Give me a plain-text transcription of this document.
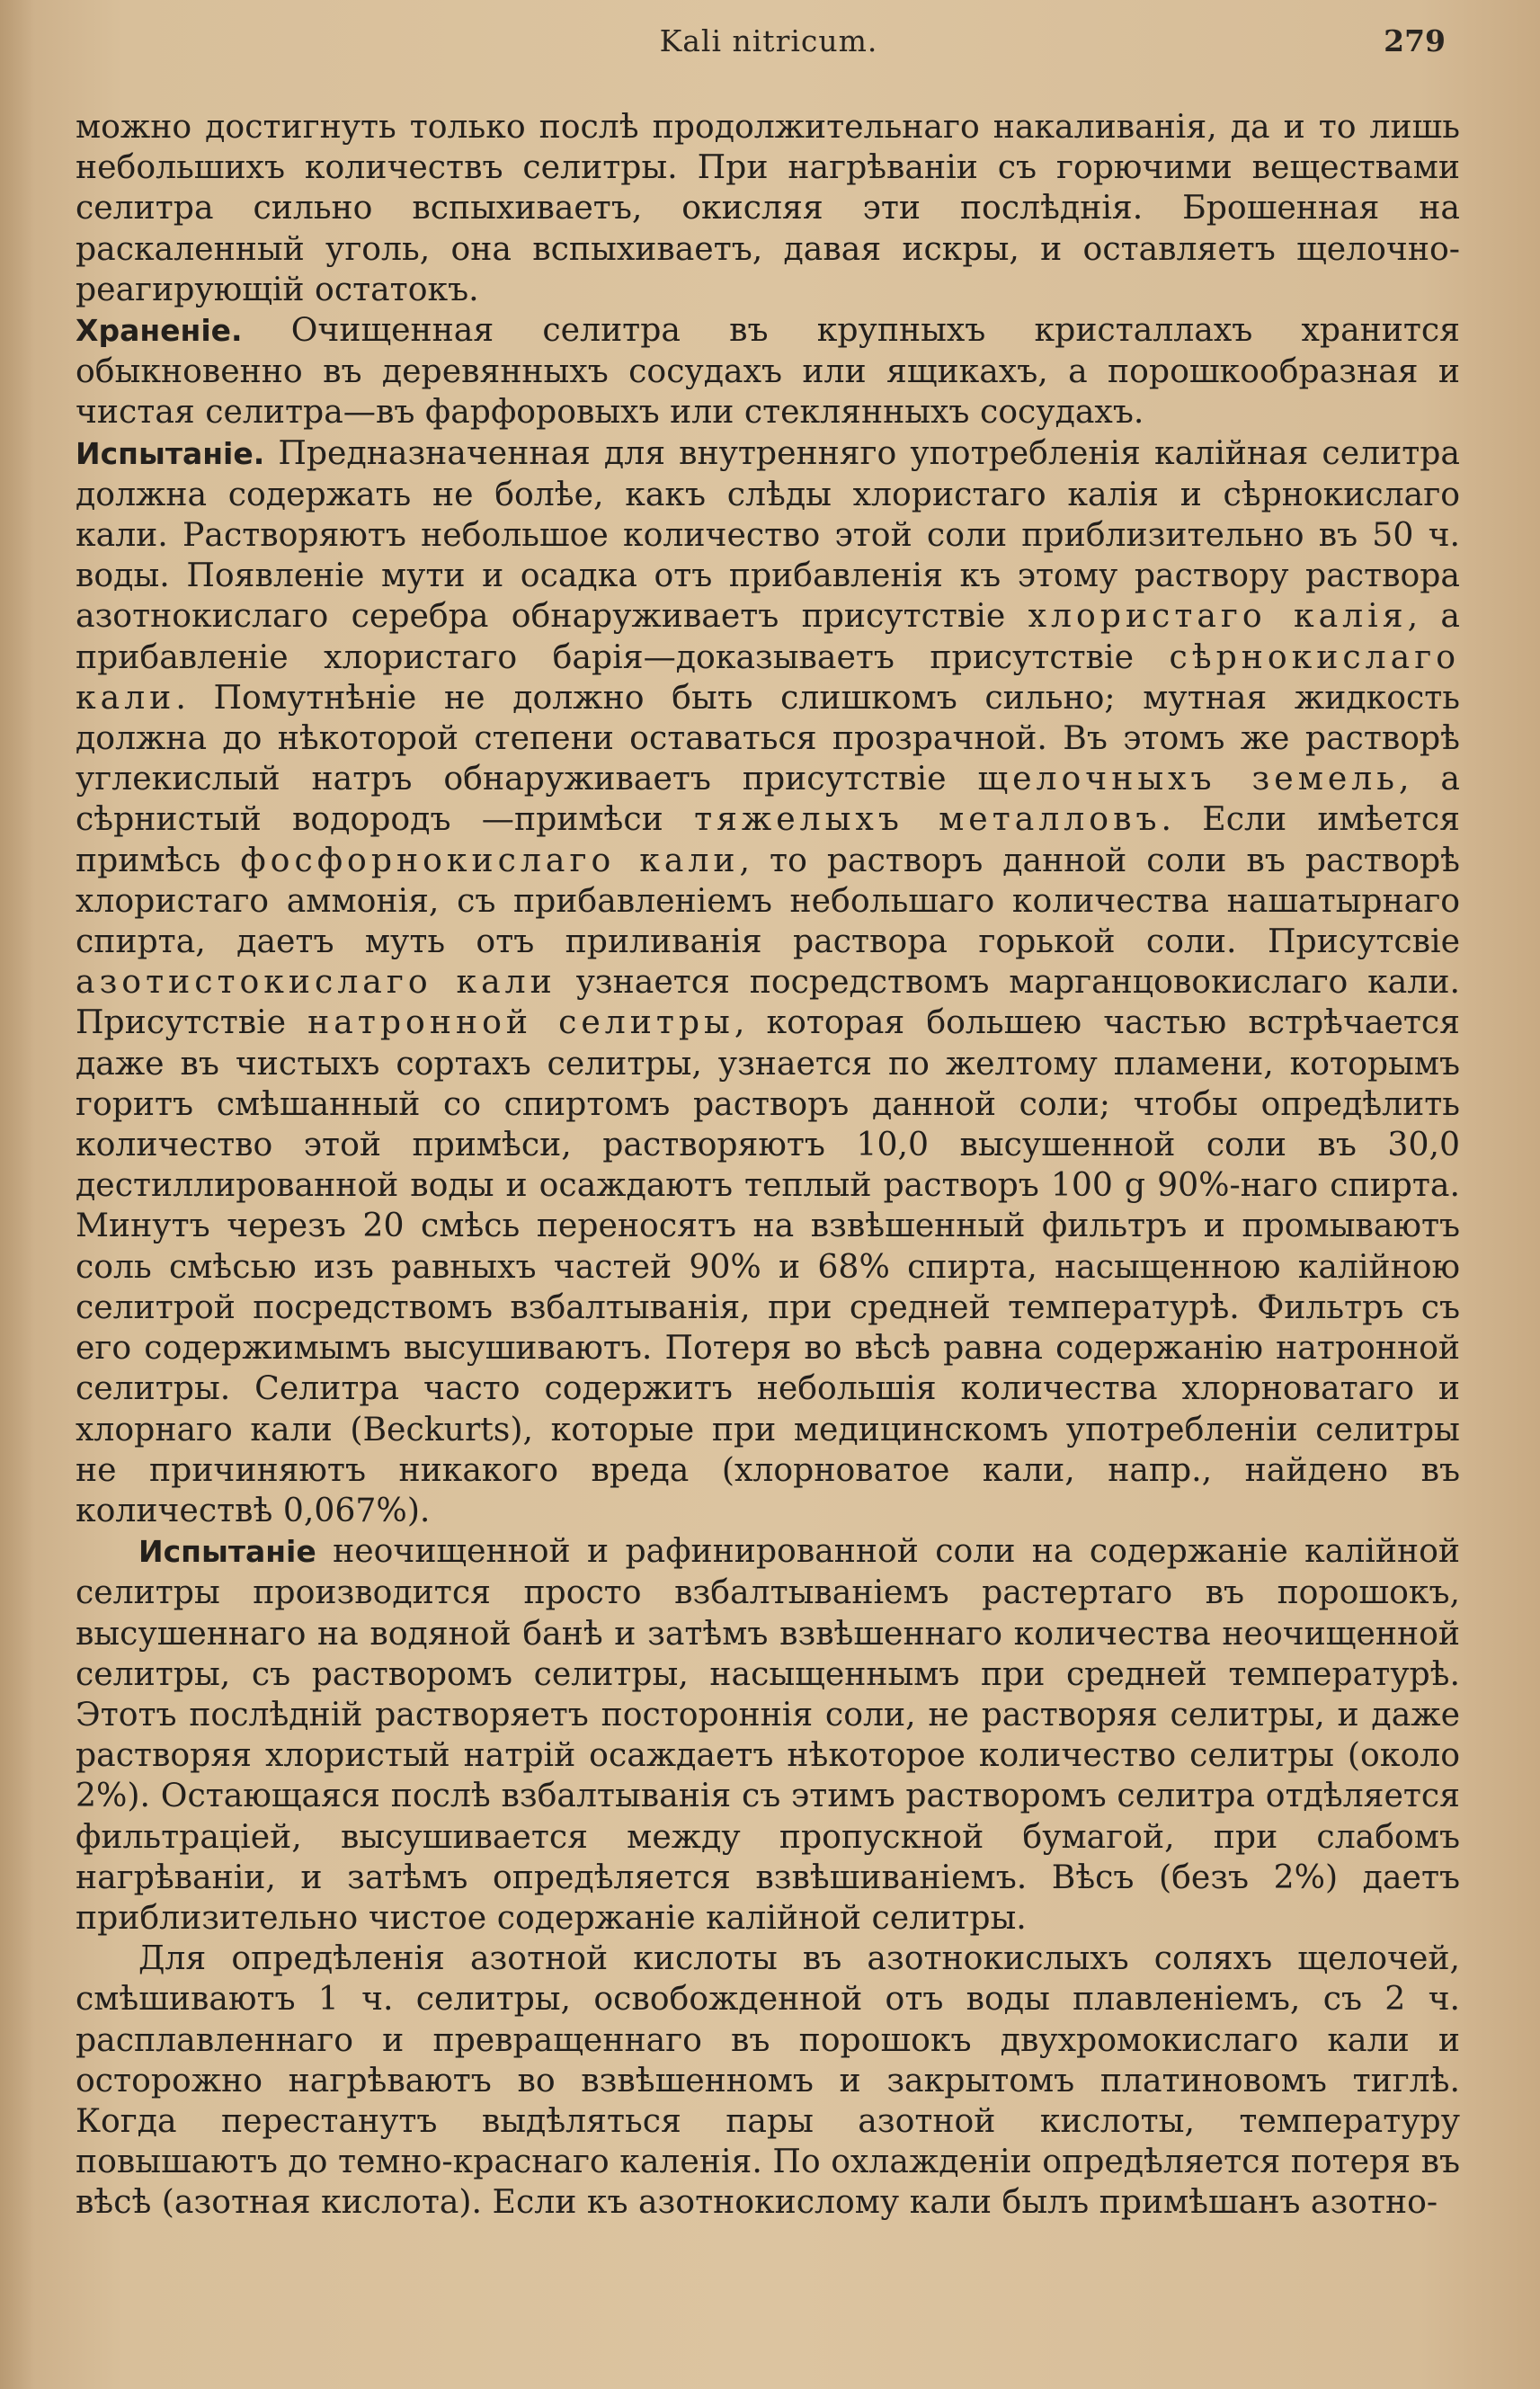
Kali nitricum.	279

можно достигнуть только послѣ продолжительнаго накаливанія, да и то лишь небольшихъ количествъ селитры. При нагрѣваніи съ горючими веществами селитра сильно вспыхиваетъ, окисляя эти послѣднія. Брошенная на раскаленный уголь, она вспыхиваетъ, давая искры, и оставляетъ щелочно-реагирующій остатокъ.

Храненіе. Очищенная селитра въ крупныхъ кристаллахъ хранится обыкновенно въ деревянныхъ сосудахъ или ящикахъ, а порошкообразная и чистая селитра—въ фарфоровыхъ или стеклянныхъ сосудахъ.

Испытаніе. Предназначенная для внутренняго употребленія калійная селитра должна содержать не болѣе, какъ слѣды хлористаго калія и сѣрнокислаго кали. Растворяютъ небольшое количество этой соли приблизительно въ 50 ч. воды. Появленіе мути и осадка отъ прибавленія къ этому раствору раствора азотнокислаго серебра обнаруживаетъ присутствіе хлористаго калія, а прибавленіе хлористаго барія—доказываетъ присутствіе сѣрнокислаго кали. Помутнѣніе не должно быть слишкомъ сильно; мутная жидкость должна до нѣкоторой степени оставаться прозрачной. Въ этомъ же растворѣ углекислый натръ обнаруживаетъ присутствіе щелочныхъ земель, а сѣрнистый водородъ —примѣси тяжелыхъ металловъ. Если имѣется примѣсь фосфорнокислаго кали, то растворъ данной соли въ растворѣ хлористаго аммонія, съ прибавленіемъ небольшаго количества нашатырнаго спирта, даетъ муть отъ приливанія раствора горькой соли. Присутсвіе азотистокислаго кали узнается посредствомъ марганцовокислаго кали. Присутствіе натронной селитры, которая большею частью встрѣчается даже въ чистыхъ сортахъ селитры, узнается по желтому пламени, которымъ горитъ смѣшанный со спиртомъ растворъ данной соли; чтобы опредѣлить количество этой примѣси, растворяютъ 10,0 высушенной соли въ 30,0 дестиллированной воды и осаждаютъ теплый растворъ 100 g 90%-наго спирта. Минутъ черезъ 20 смѣсь переносятъ на взвѣшенный фильтръ и промываютъ соль смѣсью изъ равныхъ частей 90% и 68% спирта, насыщенною калійною селитрой посредствомъ взбалтыванія, при средней температурѣ. Фильтръ съ его содержимымъ высушиваютъ. Потеря во вѣсѣ равна содержанію натронной селитры. Селитра часто содержитъ небольшія количества хлорноватаго и хлорнаго кали (Beckurts), которые при медицинскомъ употребленіи селитры не причиняютъ никакого вреда (хлорноватое кали, напр., найдено въ количествѣ 0,067%).

Испытаніе неочищенной и рафинированной соли на содержаніе калійной селитры производится просто взбалтываніемъ растертаго въ порошокъ, высушеннаго на водяной банѣ и затѣмъ взвѣшеннаго количества неочищенной селитры, съ растворомъ селитры, насыщеннымъ при средней температурѣ. Этотъ послѣдній растворяетъ постороннія соли, не растворяя селитры, и даже растворяя хлористый натрій осаждаетъ нѣкоторое количество селитры (около 2%). Остающаяся послѣ взбалтыванія съ этимъ растворомъ селитра отдѣляется фильтраціей, высушивается между пропускной бумагой, при слабомъ нагрѣваніи, и затѣмъ опредѣляется взвѣшиваніемъ. Вѣсъ (безъ 2%) даетъ приблизительно чистое содержаніе калійной селитры.

Для опредѣленія азотной кислоты въ азотнокислыхъ соляхъ щелочей, смѣшиваютъ 1 ч. селитры, освобожденной отъ воды плавленіемъ, съ 2 ч. расплавленнаго и превращеннаго въ порошокъ двухромокислаго кали и осторожно нагрѣваютъ во взвѣшенномъ и закрытомъ платиновомъ тиглѣ. Когда перестанутъ выдѣляться пары азотной кислоты, температуру повышаютъ до темно-краснаго каленія. По охлажденіи опредѣляется потеря въ вѣсѣ (азотная кислота). Если къ азотнокислому кали былъ примѣшанъ азотно-
